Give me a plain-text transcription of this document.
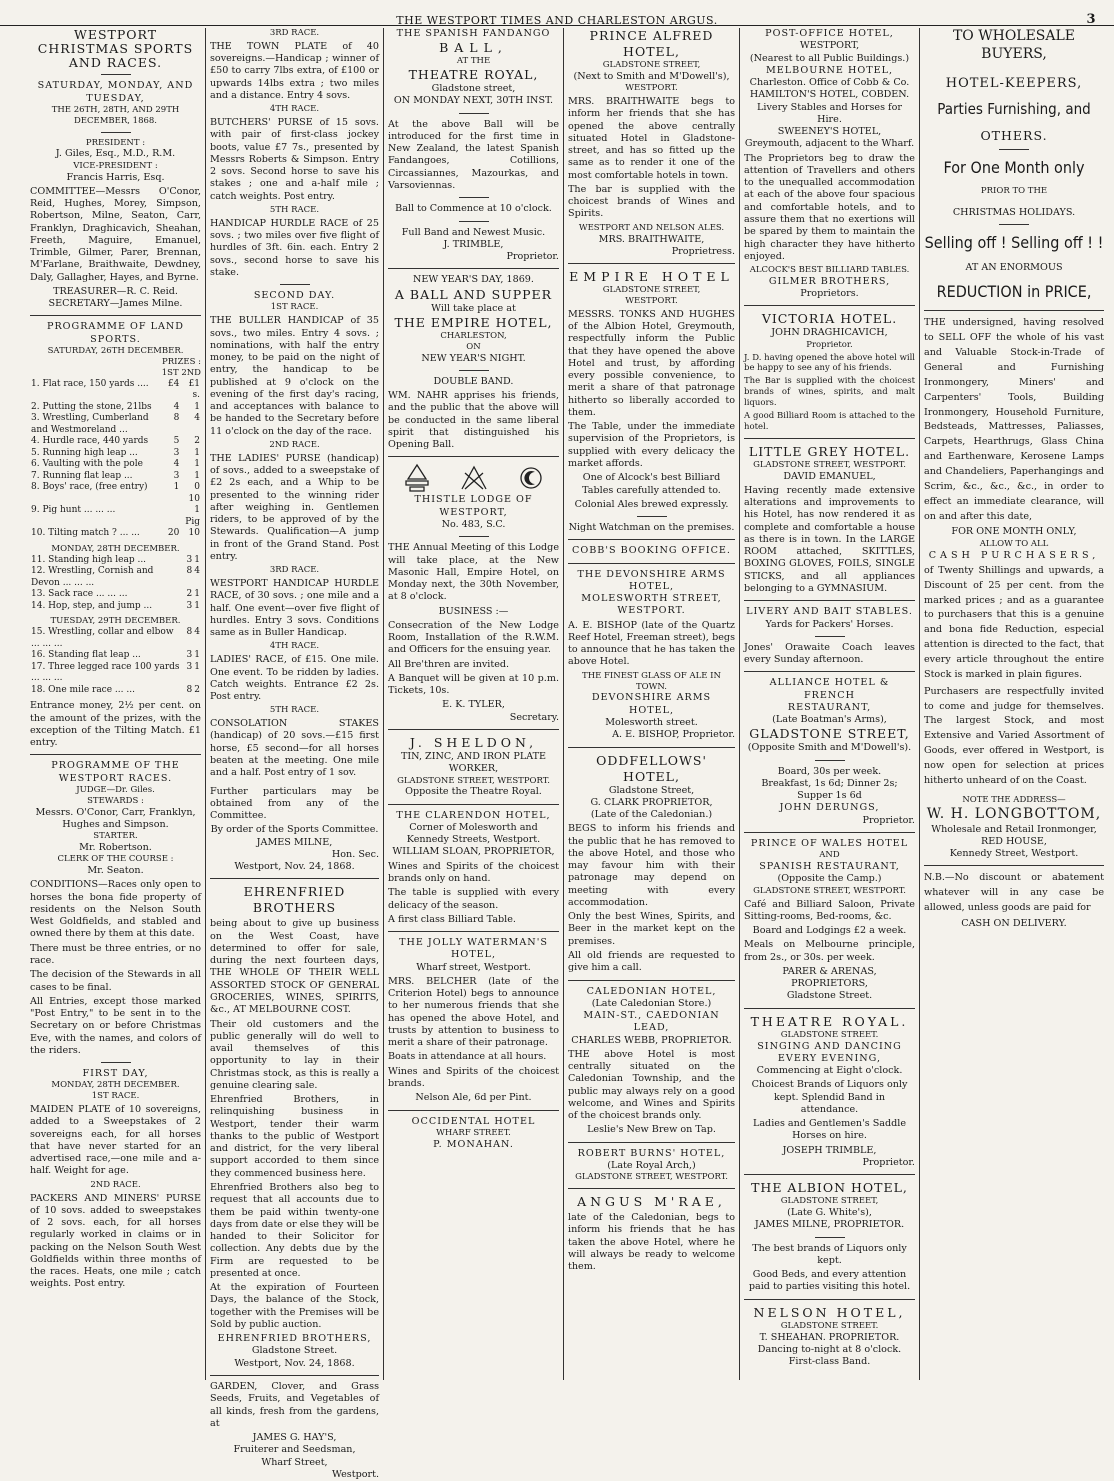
THE WESTPORT TIMES AND CHARLESTON ARGUS.	3
WESTPORT CHRISTMAS SPORTS AND RACES.
SATURDAY, MONDAY, AND TUESDAY,
THE 26TH, 28TH, AND 29TH DECEMBER, 1868.
PRESIDENT :
J. Giles, Esq., M.D., R.M.
VICE-PRESIDENT :
Francis Harris, Esq.

COMMITTEE—Messrs O'Conor, Reid, Hughes, Morey, Simpson, Robertson, Milne, Seaton, Carr, Franklyn, Draghicavich, Sheahan, Freeth, Maguire, Emanuel, Trimble, Gilmer, Parer, Brennan, M'Farlane, Braithwaite, Dewdney, Daly, Gallagher, Hayes, and Byrne.

TREASURER—R. C. Reid.
SECRETARY—James Milne.
PROGRAMME OF LAND SPORTS.
SATURDAY, 26TH DECEMBER.
PRIZES :
1ST 2ND
1. Flat race, 150 yards ....	£4	£1 s.
2. Putting the stone, 21lbs	4	1
3. Wrestling, Cumberland and Westmoreland ...	8	4
4. Hurdle race, 440 yards	5	2
5. Running high leap ...	3	1
6. Vaulting with the pole	4	1
7. Running flat leap ...	3	1
8. Boys' race, (free entry)	1	0 10
9. Pig hunt ... ... ...		1 Pig
10. Tilting match ? ... ...	20	10
MONDAY, 28TH DECEMBER.
11. Standing high leap ...	3	1
12. Wrestling, Cornish and Devon ... ... ...	8	4
13. Sack race ... ... ...	2	1
14. Hop, step, and jump ...	3	1
TUESDAY, 29TH DECEMBER.
15. Wrestling, collar and elbow ... ... ...	8	4
16. Standing flat leap ...	3	1
17. Three legged race 100 yards ... ... ...	3	1
18. One mile race ... ...	8	2

Entrance money, 2½ per cent. on the amount of the prizes, with the exception of the Tilting Match. £1 entry.

PROGRAMME OF THE WESTPORT RACES.
JUDGE—Dr. Giles.
STEWARDS :
Messrs. O'Conor, Carr, Franklyn, Hughes and Simpson.
STARTER.
Mr. Robertson.
CLERK OF THE COURSE :
Mr. Seaton.

CONDITIONS—Races only open to horses the bona fide property of residents on the Nelson South West Goldfields, and stabled and owned there by them at this date.

There must be three entries, or no race.

The decision of the Stewards in all cases to be final.

All Entries, except those marked "Post Entry," to be sent in to the Secretary on or before Christmas Eve, with the names, and colors of the riders.

FIRST DAY,
MONDAY, 28TH DECEMBER.
1ST RACE.

MAIDEN PLATE of 10 sovereigns, added to a Sweepstakes of 2 sovereigns each, for all horses that have never started for an advertised race,—one mile and a-half. Weight for age.

2ND RACE.

PACKERS AND MINERS' PURSE of 10 sovs. added to sweepstakes of 2 sovs. each, for all horses regularly worked in claims or in packing on the Nelson South West Goldfields within three months of the races. Heats, one mile ; catch weights. Post entry.

3RD RACE.

THE TOWN PLATE of 40 sovereigns.—Handicap ; winner of £50 to carry 7lbs extra, of £100 or upwards 14lbs extra ; two miles and a distance. Entry 4 sovs.

4TH RACE.

BUTCHERS' PURSE of 15 sovs. with pair of first-class jockey boots, value £7 7s., presented by Messrs Roberts & Simpson. Entry 2 sovs. Second horse to save his stakes ; one and a-half mile ; catch weights. Post entry.

5TH RACE.

HANDICAP HURDLE RACE of 25 sovs. ; two miles over five flight of hurdles of 3ft. 6in. each. Entry 2 sovs., second horse to save his stake.

SECOND DAY.
1ST RACE.

THE BULLER HANDICAP of 35 sovs., two miles. Entry 4 sovs. ; nominations, with half the entry money, to be paid on the night of entry, the handicap to be published at 9 o'clock on the evening of the first day's racing, and acceptances with balance to be handed to the Secretary before 11 o'clock on the day of the race.

2ND RACE.

THE LADIES' PURSE (handicap) of sovs., added to a sweepstake of £2 2s each, and a Whip to be presented to the winning rider after weighing in. Gentlemen riders, to be approved of by the Stewards. Qualification—A jump in front of the Grand Stand. Post entry.

3RD RACE.

WESTPORT HANDICAP HURDLE RACE, of 30 sovs. ; one mile and a half. One event—over five flight of hurdles. Entry 3 sovs. Conditions same as in Buller Handicap.

4TH RACE.

LADIES' RACE, of £15. One mile. One event. To be ridden by ladies. Catch weights. Entrance £2 2s. Post entry.

5TH RACE.

CONSOLATION STAKES (handicap) of 20 sovs.—£15 first horse, £5 second—for all horses beaten at the meeting. One mile and a half. Post entry of 1 sov.

Further particulars may be obtained from any of the Committee.

By order of the Sports Committee.
JAMES MILNE,
Hon. Sec.
Westport, Nov. 24, 1868.
EHRENFRIED BROTHERS

being about to give up business on the West Coast, have determined to offer for sale, during the next fourteen days, THE WHOLE OF THEIR WELL ASSORTED STOCK OF GENERAL GROCERIES, WINES, SPIRITS, &c., AT MELBOURNE COST.

Their old customers and the public generally will do well to avail themselves of this opportunity to lay in their Christmas stock, as this is really a genuine clearing sale.

Ehrenfried Brothers, in relinquishing business in Westport, tender their warm thanks to the public of Westport and district, for the very liberal support accorded to them since they commenced business here.

Ehrenfried Brothers also beg to request that all accounts due to them be paid within twenty-one days from date or else they will be handed to their Solicitor for collection. Any debts due by the Firm are requested to be presented at once.

At the expiration of Fourteen Days, the balance of the Stock, together with the Premises will be Sold by public auction.

EHRENFRIED BROTHERS,
Gladstone Street.
Westport, Nov. 24, 1868.

GARDEN, Clover, and Grass Seeds, Fruits, and Vegetables of all kinds, fresh from the gardens, at

JAMES G. HAY'S,
Fruiterer and Seedsman,
Wharf Street,
Westport.
THE SPANISH FANDANGO
BALL,
AT THE
THEATRE ROYAL,
Gladstone street,
ON MONDAY NEXT, 30TH INST.

At the above Ball will be introduced for the first time in New Zealand, the latest Spanish Fandangoes, Cotillions, Circassiannes, Mazourkas, and Varsoviennas.

Ball to Commence at 10 o'clock.
Full Band and Newest Music.
J. TRIMBLE,
Proprietor.
NEW YEAR'S DAY, 1869.
A BALL AND SUPPER
Will take place at
THE EMPIRE HOTEL,
CHARLESTON,
ON
NEW YEAR'S NIGHT.
DOUBLE BAND.

WM. NAHR apprises his friends, and the public that the above will be conducted in the same liberal spirit that distinguished his Opening Ball.

THISTLE LODGE OF WESTPORT,
No. 483, S.C.

THE Annual Meeting of this Lodge will take place, at the New Masonic Hall, Empire Hotel, on Monday next, the 30th November, at 8 o'clock.

BUSINESS :—

Consecration of the New Lodge Room, Installation of the R.W.M. and Officers for the ensuing year.

All Bre'thren are invited.

A Banquet will be given at 10 p.m. Tickets, 10s.

E. K. TYLER,
Secretary.
J. SHELDON,
TIN, ZINC, AND IRON PLATE
WORKER,
GLADSTONE STREET, WESTPORT.
Opposite the Theatre Royal.
THE CLARENDON HOTEL,
Corner of Molesworth and Kennedy Streets, Westport.
WILLIAM SLOAN, PROPRIETOR,

Wines and Spirits of the choicest brands only on hand.

The table is supplied with every delicacy of the season.

A first class Billiard Table.

THE JOLLY WATERMAN'S
HOTEL,
Wharf street, Westport.

MRS. BELCHER (late of the Criterion Hotel) begs to announce to her numerous friends that she has opened the above Hotel, and trusts by attention to business to merit a share of their patronage.

Boats in attendance at all hours.

Wines and Spirits of the choicest brands.

Nelson Ale, 6d per Pint.
OCCIDENTAL HOTEL
WHARF STREET.
P. MONAHAN.
PRINCE ALFRED HOTEL,
GLADSTONE STREET,
(Next to Smith and M'Dowell's),
WESTPORT.

MRS. BRAITHWAITE begs to inform her friends that she has opened the above centrally situated Hotel in Gladstone-street, and has so fitted up the same as to render it one of the most comfortable hotels in town.

The bar is supplied with the choicest brands of Wines and Spirits.

WESTPORT AND NELSON ALES.
MRS. BRAITHWAITE,
Proprietress.
EMPIRE HOTEL
GLADSTONE STREET,
WESTPORT.

MESSRS. TONKS AND HUGHES of the Albion Hotel, Greymouth, respectfully inform the Public that they have opened the above Hotel and trust, by affording every possible convenience, to merit a share of that patronage hitherto so liberally accorded to them.

The Table, under the immediate supervision of the Proprietors, is supplied with every delicacy the market affords.

One of Alcock's best Billiard Tables carefully attended to.

Colonial Ales brewed expressly.
Night Watchman on the premises.
COBB'S BOOKING OFFICE.
THE DEVONSHIRE ARMS HOTEL,
MOLESWORTH STREET, WESTPORT.

A. E. BISHOP (late of the Quartz Reef Hotel, Freeman street), begs to announce that he has taken the above Hotel.

THE FINEST GLASS OF ALE IN TOWN.
DEVONSHIRE ARMS HOTEL,
Molesworth street.
A. E. BISHOP, Proprietor.
ODDFELLOWS' HOTEL,
Gladstone Street,
G. CLARK PROPRIETOR,
(Late of the Caledonian.)

BEGS to inform his friends and the public that he has removed to the above Hotel, and those who may favour him with their patronage may depend on meeting with every accommodation.

Only the best Wines, Spirits, and Beer in the market kept on the premises.

All old friends are requested to give him a call.

CALEDONIAN HOTEL,
(Late Caledonian Store.)
MAIN-ST., CAEDONIAN LEAD,
CHARLES WEBB, PROPRIETOR.

THE above Hotel is most centrally situated on the Caledonian Township, and the public may always rely on a good welcome, and Wines and Spirits of the choicest brands only.

Leslie's New Brew on Tap.
ROBERT BURNS' HOTEL,
(Late Royal Arch,)
GLADSTONE STREET, WESTPORT.
ANGUS M'RAE,

late of the Caledonian, begs to inform his friends that he has taken the above Hotel, where he will always be ready to welcome them.

POST-OFFICE HOTEL,
WESTPORT,
(Nearest to all Public Buildings.)
MELBOURNE HOTEL,
Charleston. Office of Cobb & Co.
HAMILTON'S HOTEL, COBDEN.
Livery Stables and Horses for Hire.
SWEENEY'S HOTEL,
Greymouth, adjacent to the Wharf.

The Proprietors beg to draw the attention of Travellers and others to the unequalled accommodation at each of the above four spacious and comfortable hotels, and to assure them that no exertions will be spared by them to maintain the high character they have hitherto enjoyed.

ALCOCK'S BEST BILLIARD TABLES.
GILMER BROTHERS,
Proprietors.
VICTORIA HOTEL.
JOHN DRAGHICAVICH,
Proprietor.

J. D. having opened the above hotel will be happy to see any of his friends.

The Bar is supplied with the choicest brands of wines, spirits, and malt liquors.

A good Billiard Room is attached to the hotel.

LITTLE GREY HOTEL.
GLADSTONE STREET, WESTPORT.
DAVID EMANUEL,

Having recently made extensive alterations and improvements to his Hotel, has now rendered it as complete and comfortable a house as there is in town. In the LARGE ROOM attached, SKITTLES, BOXING GLOVES, FOILS, SINGLE STICKS, and all appliances belonging to a GYMNASIUM.

LIVERY AND BAIT STABLES.
Yards for Packers' Horses.

Jones' Orawaite Coach leaves every Sunday afternoon.

ALLIANCE HOTEL & FRENCH
RESTAURANT,
(Late Boatman's Arms),
GLADSTONE STREET,
(Opposite Smith and M'Dowell's).
Board, 30s per week.
Breakfast, 1s 6d; Dinner 2s; Supper 1s 6d
JOHN DERUNGS,
Proprietor.
PRINCE OF WALES HOTEL
AND
SPANISH RESTAURANT,
(Opposite the Camp.)
GLADSTONE STREET, WESTPORT.

Café and Billiard Saloon, Private Sitting-rooms, Bed-rooms, &c.

Board and Lodgings £2 a week.

Meals on Melbourne principle, from 2s., or 30s. per week.

PARER & ARENAS, PROPRIETORS,
Gladstone Street.
THEATRE ROYAL.
GLADSTONE STREET.
SINGING AND DANCING
EVERY EVENING,
Commencing at Eight o'clock.

Choicest Brands of Liquors only kept. Splendid Band in attendance.

Ladies and Gentlemen's Saddle Horses on hire.

JOSEPH TRIMBLE,
Proprietor.
THE ALBION HOTEL,
GLADSTONE STREET,
(Late G. White's),
JAMES MILNE, PROPRIETOR.

The best brands of Liquors only kept.

Good Beds, and every attention paid to parties visiting this hotel.

NELSON HOTEL,
GLADSTONE STREET.
T. SHEAHAN. PROPRIETOR.
Dancing to-night at 8 o'clock.
First-class Band.
TO WHOLESALE BUYERS,
HOTEL-KEEPERS,
Parties Furnishing, and
OTHERS.
For One Month only
PRIOR TO THE
CHRISTMAS HOLIDAYS.
Selling off ! Selling off ! !
AT AN ENORMOUS
REDUCTION in PRICE,

THE undersigned, having resolved to SELL OFF the whole of his vast and Valuable Stock-in-Trade of General and Furnishing Ironmongery, Miners' and Carpenters' Tools, Building Ironmongery, Household Furniture, Bedsteads, Mattresses, Paliasses, Carpets, Hearthrugs, Glass China and Earthenware, Kerosene Lamps and Chandeliers, Paperhangings and Scrim, &c., &c., &c., in order to effect an immediate clearance, will on and after this date,

FOR ONE MONTH ONLY,
ALLOW TO ALL
CASH PURCHASERS,

of Twenty Shillings and upwards, a Discount of 25 per cent. from the marked prices ; and as a guarantee to purchasers that this is a genuine and bona fide Reduction, especial attention is directed to the fact, that every article throughout the entire Stock is marked in plain figures.

Purchasers are respectfully invited to come and judge for themselves. The largest Stock, and most Extensive and Varied Assortment of Goods, ever offered in Westport, is now open for selection at prices hitherto unheard of on the Coast.

NOTE THE ADDRESS—
W. H. LONGBOTTOM,
Wholesale and Retail Ironmonger,
RED HOUSE,
Kennedy Street, Westport.

N.B.—No discount or abatement whatever will in any case be allowed, unless goods are paid for

CASH ON DELIVERY.
